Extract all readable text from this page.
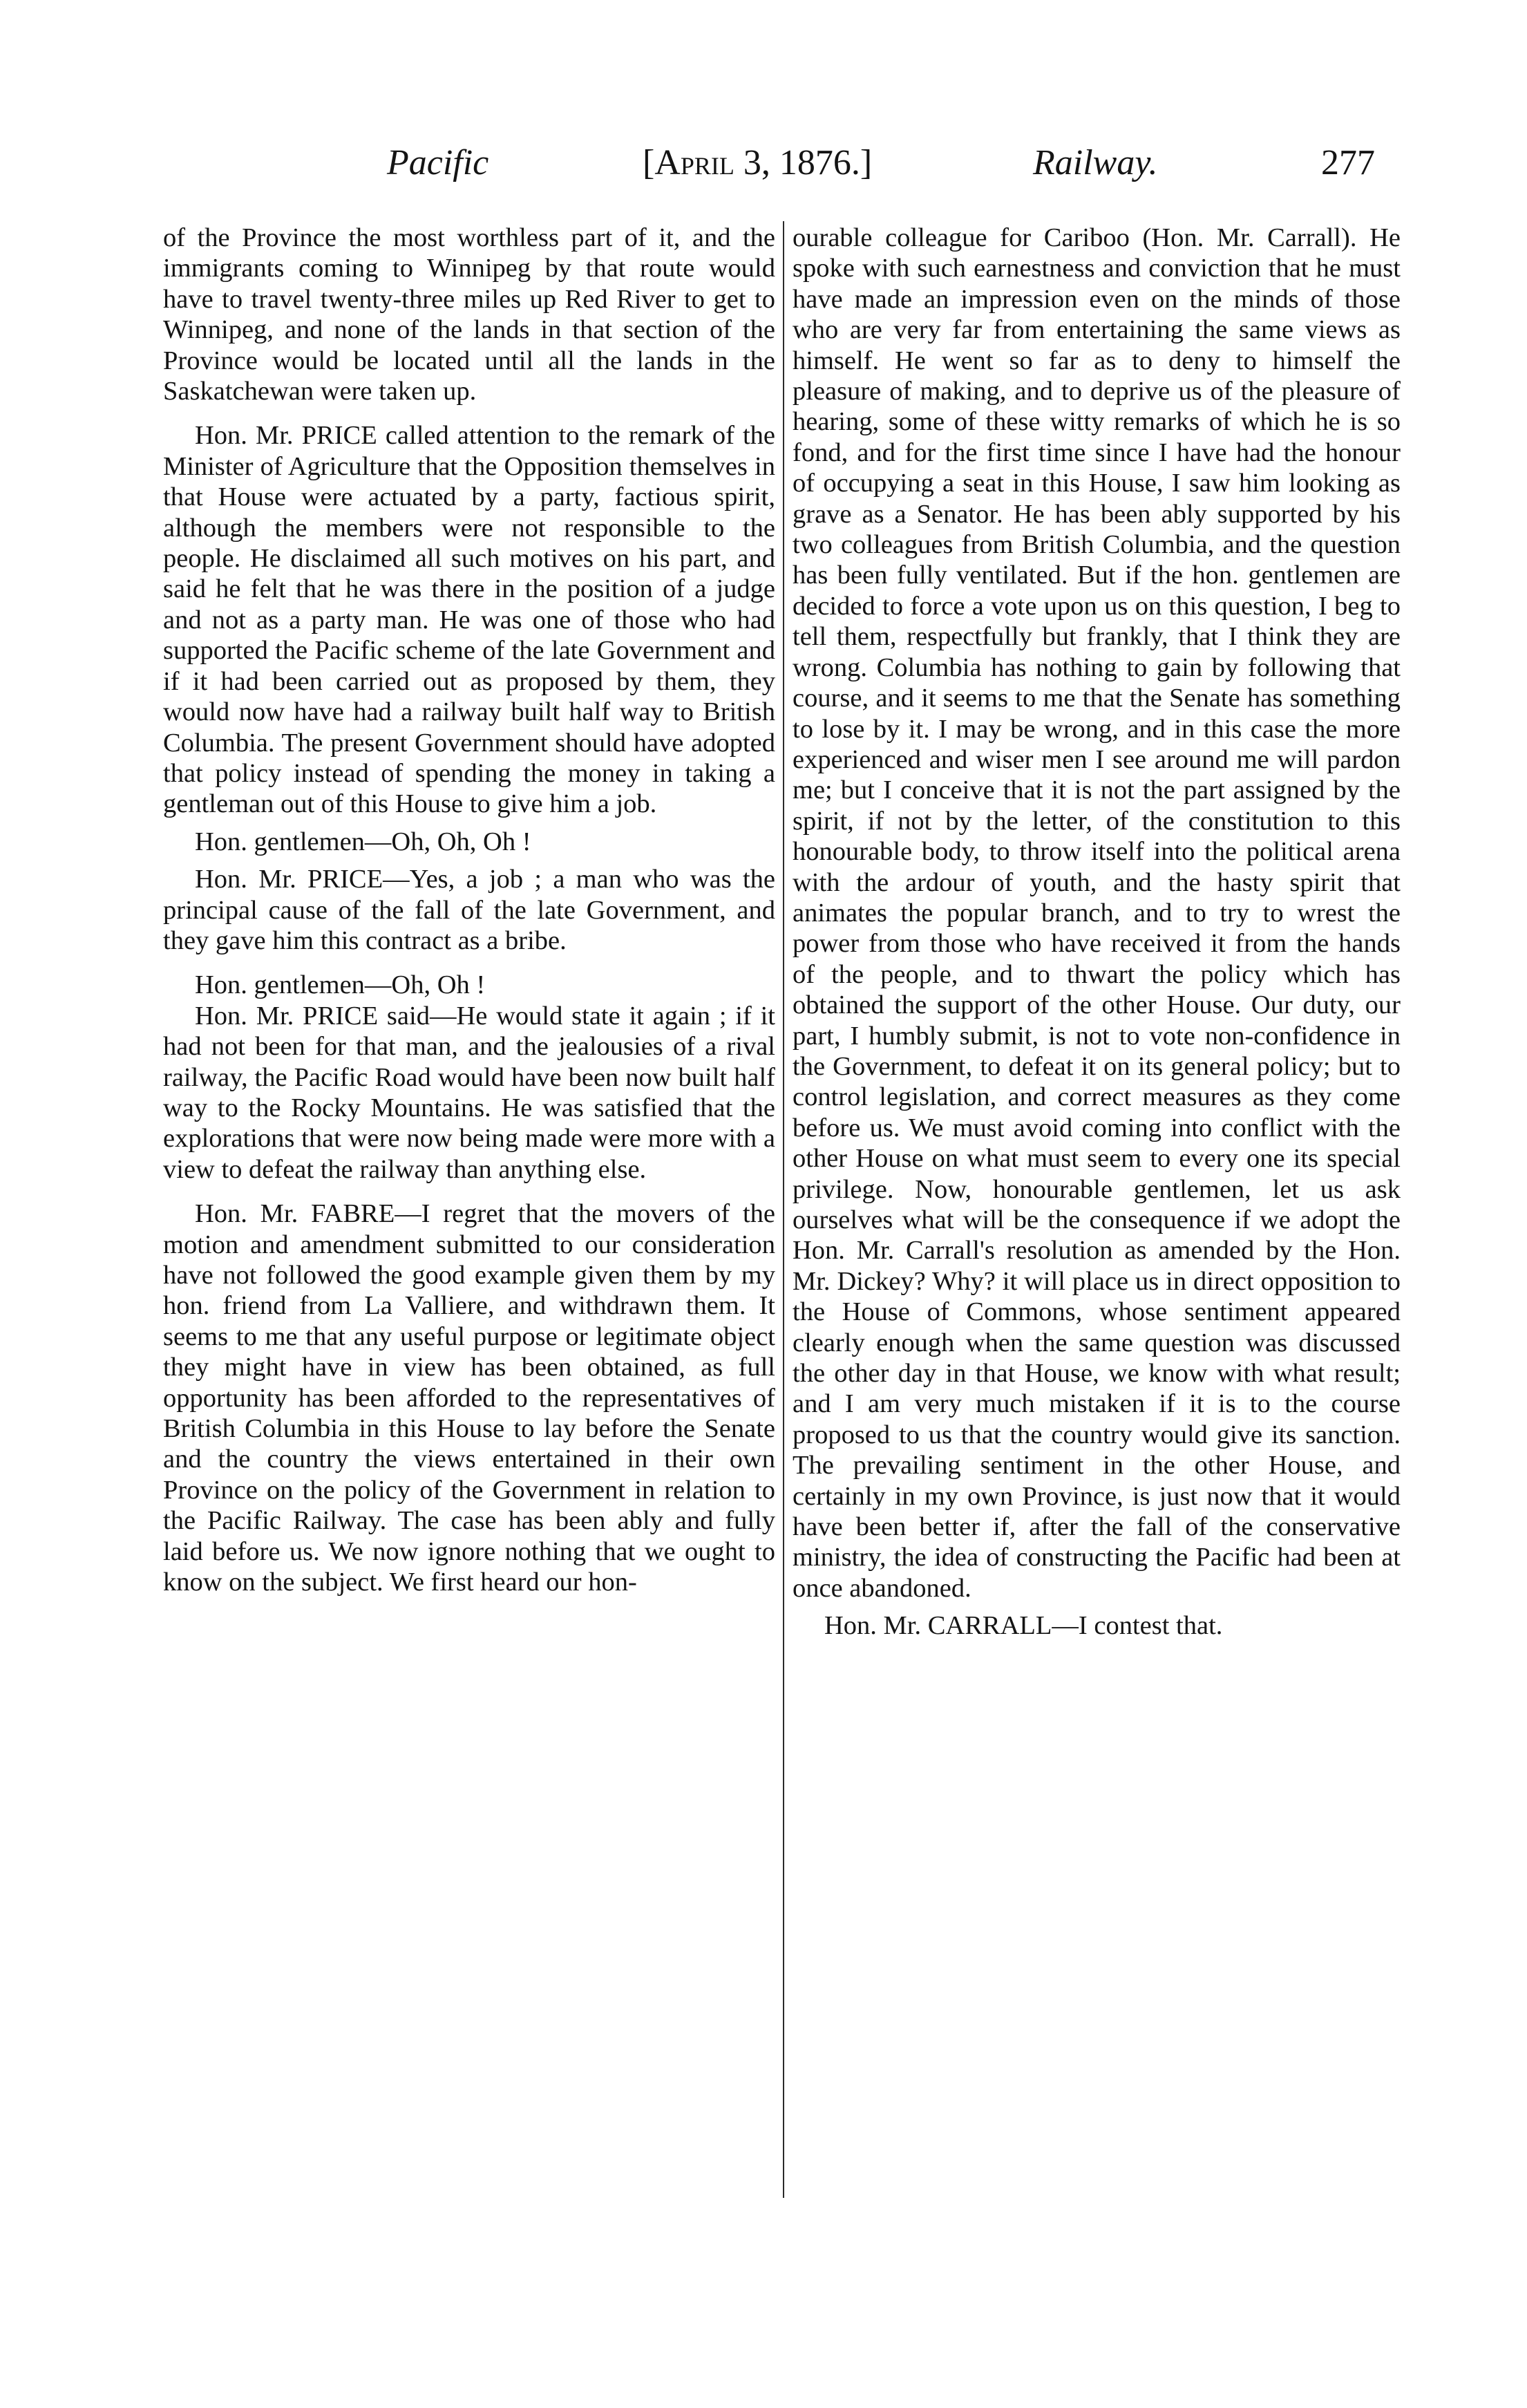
Pacific	[April 3, 1876.]	Railway.	277

of the Province the most worthless part of it, and the immigrants coming to Winnipeg by that route would have to travel twenty-three miles up Red River to get to Winnipeg, and none of the lands in that section of the Province would be located until all the lands in the Saskatchewan were taken up.

Hon. Mr. PRICE called attention to the remark of the Minister of Agriculture that the Opposition themselves in that House were actuated by a party, factious spirit, although the members were not responsible to the people. He disclaimed all such motives on his part, and said he felt that he was there in the position of a judge and not as a party man. He was one of those who had supported the Pacific scheme of the late Government and if it had been carried out as proposed by them, they would now have had a railway built half way to British Columbia. The present Government should have adopted that policy instead of spending the money in taking a gentleman out of this House to give him a job.

Hon. gentlemen—Oh, Oh, Oh !

Hon. Mr. PRICE—Yes, a job ; a man who was the principal cause of the fall of the late Government, and they gave him this contract as a bribe.

Hon. gentlemen—Oh, Oh !

Hon. Mr. PRICE said—He would state it again ; if it had not been for that man, and the jealousies of a rival railway, the Pacific Road would have been now built half way to the Rocky Mountains. He was satisfied that the explorations that were now being made were more with a view to defeat the railway than anything else.

Hon. Mr. FABRE—I regret that the movers of the motion and amendment submitted to our consideration have not followed the good example given them by my hon. friend from La Valliere, and withdrawn them. It seems to me that any useful purpose or legitimate object they might have in view has been obtained, as full opportunity has been afforded to the representatives of British Columbia in this House to lay before the Senate and the country the views entertained in their own Province on the policy of the Government in relation to the Pacific Railway. The case has been ably and fully laid before us. We now ignore nothing that we ought to know on the subject. We first heard our hon-

ourable colleague for Cariboo (Hon. Mr. Carrall). He spoke with such earnestness and conviction that he must have made an impression even on the minds of those who are very far from entertaining the same views as himself. He went so far as to deny to himself the pleasure of making, and to deprive us of the pleasure of hearing, some of these witty remarks of which he is so fond, and for the first time since I have had the honour of occupying a seat in this House, I saw him looking as grave as a Senator. He has been ably supported by his two colleagues from British Columbia, and the question has been fully ventilated. But if the hon. gentlemen are decided to force a vote upon us on this question, I beg to tell them, respectfully but frankly, that I think they are wrong. Columbia has nothing to gain by following that course, and it seems to me that the Senate has something to lose by it. I may be wrong, and in this case the more experienced and wiser men I see around me will pardon me; but I conceive that it is not the part assigned by the spirit, if not by the letter, of the constitution to this honourable body, to throw itself into the political arena with the ardour of youth, and the hasty spirit that animates the popular branch, and to try to wrest the power from those who have received it from the hands of the people, and to thwart the policy which has obtained the support of the other House. Our duty, our part, I humbly submit, is not to vote non-confidence in the Government, to defeat it on its general policy; but to control legislation, and correct measures as they come before us. We must avoid coming into conflict with the other House on what must seem to every one its special privilege. Now, honourable gentlemen, let us ask ourselves what will be the consequence if we adopt the Hon. Mr. Carrall's resolution as amended by the Hon. Mr. Dickey? Why? it will place us in direct opposition to the House of Commons, whose sentiment appeared clearly enough when the same question was discussed the other day in that House, we know with what result; and I am very much mistaken if it is to the course proposed to us that the country would give its sanction. The prevailing sentiment in the other House, and certainly in my own Province, is just now that it would have been better if, after the fall of the conservative ministry, the idea of constructing the Pacific had been at once abandoned.

Hon. Mr. CARRALL—I contest that.
